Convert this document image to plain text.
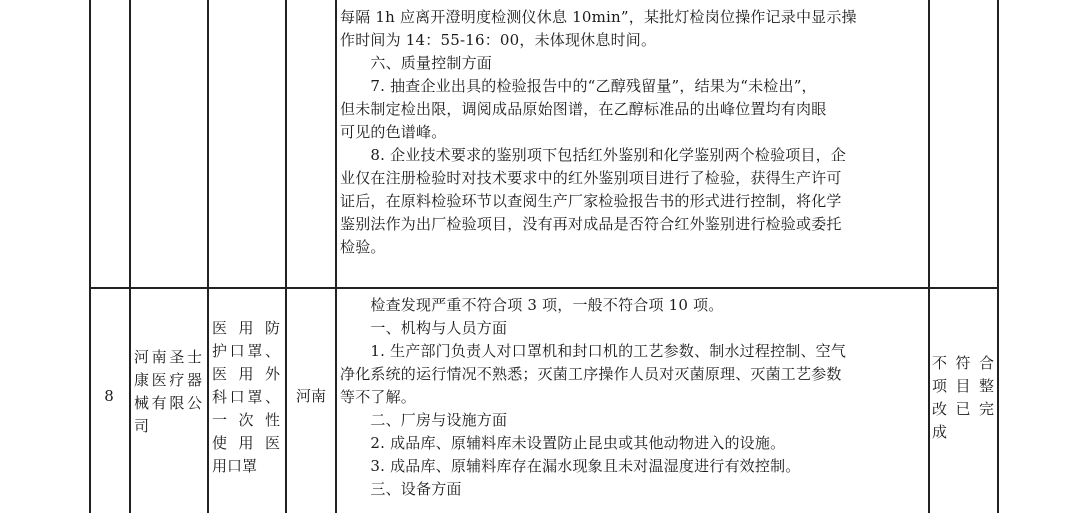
每隔 1h 应离开澄明度检测仪休息 10min”，某批灯检岗位操作记录中显示操
作时间为 14：55-16：00，未体现休息时间。
　　六、质量控制方面
　　7. 抽查企业出具的检验报告中的“乙醇残留量”，结果为“未检出”，
但未制定检出限，调阅成品原始图谱，在乙醇标准品的出峰位置均有肉眼
可见的色谱峰。
　　8. 企业技术要求的鉴别项下包括红外鉴别和化学鉴别两个检验项目，企
业仅在注册检验时对技术要求中的红外鉴别项目进行了检验，获得生产许可
证后，在原料检验环节以查阅生产厂家检验报告书的形式进行控制，将化学
鉴别法作为出厂检验项目，没有再对成品是否符合红外鉴别进行检验或委托
检验。
8
河南圣士
康医疗器
械有限公
司
医用防
护口罩、
医用外
科口罩、
一次性
使用医
用口罩
河南
　　检查发现严重不符合项 3 项，一般不符合项 10 项。
　　一、机构与人员方面
　　1. 生产部门负责人对口罩机和封口机的工艺参数、制水过程控制、空气
净化系统的运行情况不熟悉；灭菌工序操作人员对灭菌原理、灭菌工艺参数
等不了解。
　　二、厂房与设施方面
　　2. 成品库、原辅料库未设置防止昆虫或其他动物进入的设施。
　　3. 成品库、原辅料库存在漏水现象且未对温湿度进行有效控制。
　　三、设备方面
不符合
项目整
改已完
成
